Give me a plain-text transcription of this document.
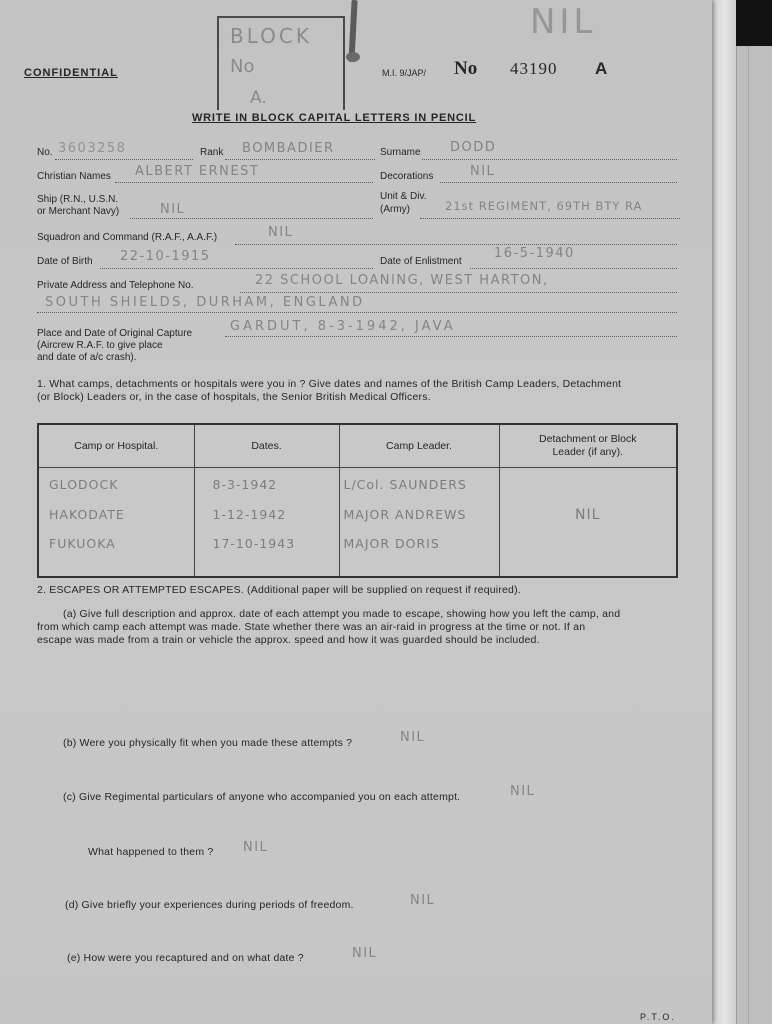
BLOCK
No
A.
NIL
CONFIDENTIAL	M.I. 9/JAP/ No 43190 A
WRITE IN BLOCK CAPITAL LETTERS IN PENCIL
No. 3603258	Rank BOMBADIER	Surname DODD
Christian Names ALBERT ERNEST	Decorations	NIL
Ship (R.N., U.S.N.
or Merchant Navy)	NIL
Unit & Div.
(Army)	21st REGIMENT, 69TH BTY RA
Squadron and Command (R.A.F., A.A.F.)	NIL
Date of Birth 22-10-1915	Date of Enlistment
16-5-1940
Private Address and Telephone No.	22 SCHOOL LOANING, WEST HARTON,
SOUTH SHIELDS, DURHAM, ENGLAND
Place and Date of Original Capture
(Aircrew R.A.F. to give place
and date of a/c crash).
GARDUT, 8-3-1942, JAVA
1. What camps, detachments or hospitals were you in ? Give dates and names of the British Camp Leaders, Detachment
(or Block) Leaders or, in the case of hospitals, the Senior British Medical Officers.
Camp or Hospital.	Dates.	Camp Leader.	Detachment or Block
Leader (if any).

GLODOCK	8-3-1942	L/Col. SAUNDERS	
HAKODATE	1-12-1942	MAJOR ANDREWS	NIL
FUKUOKA	17-10-1943	MAJOR DORIS	

2. ESCAPES OR ATTEMPTED ESCAPES. (Additional paper will be supplied on request if required).
(a) Give full description and approx. date of each attempt you made to escape, showing how you left the camp, and
from which camp each attempt was made. State whether there was an air-raid in progress at the time or not. If an
escape was made from a train or vehicle the approx. speed and how it was guarded should be included.
(b) Were you physically fit when you made these attempts ?	NIL
(c) Give Regimental particulars of anyone who accompanied you on each attempt.	NIL
What happened to them ? NIL
(d) Give briefly your experiences during periods of freedom.	NIL
(e) How were you recaptured and on what date ?	NIL
P.T.O.
